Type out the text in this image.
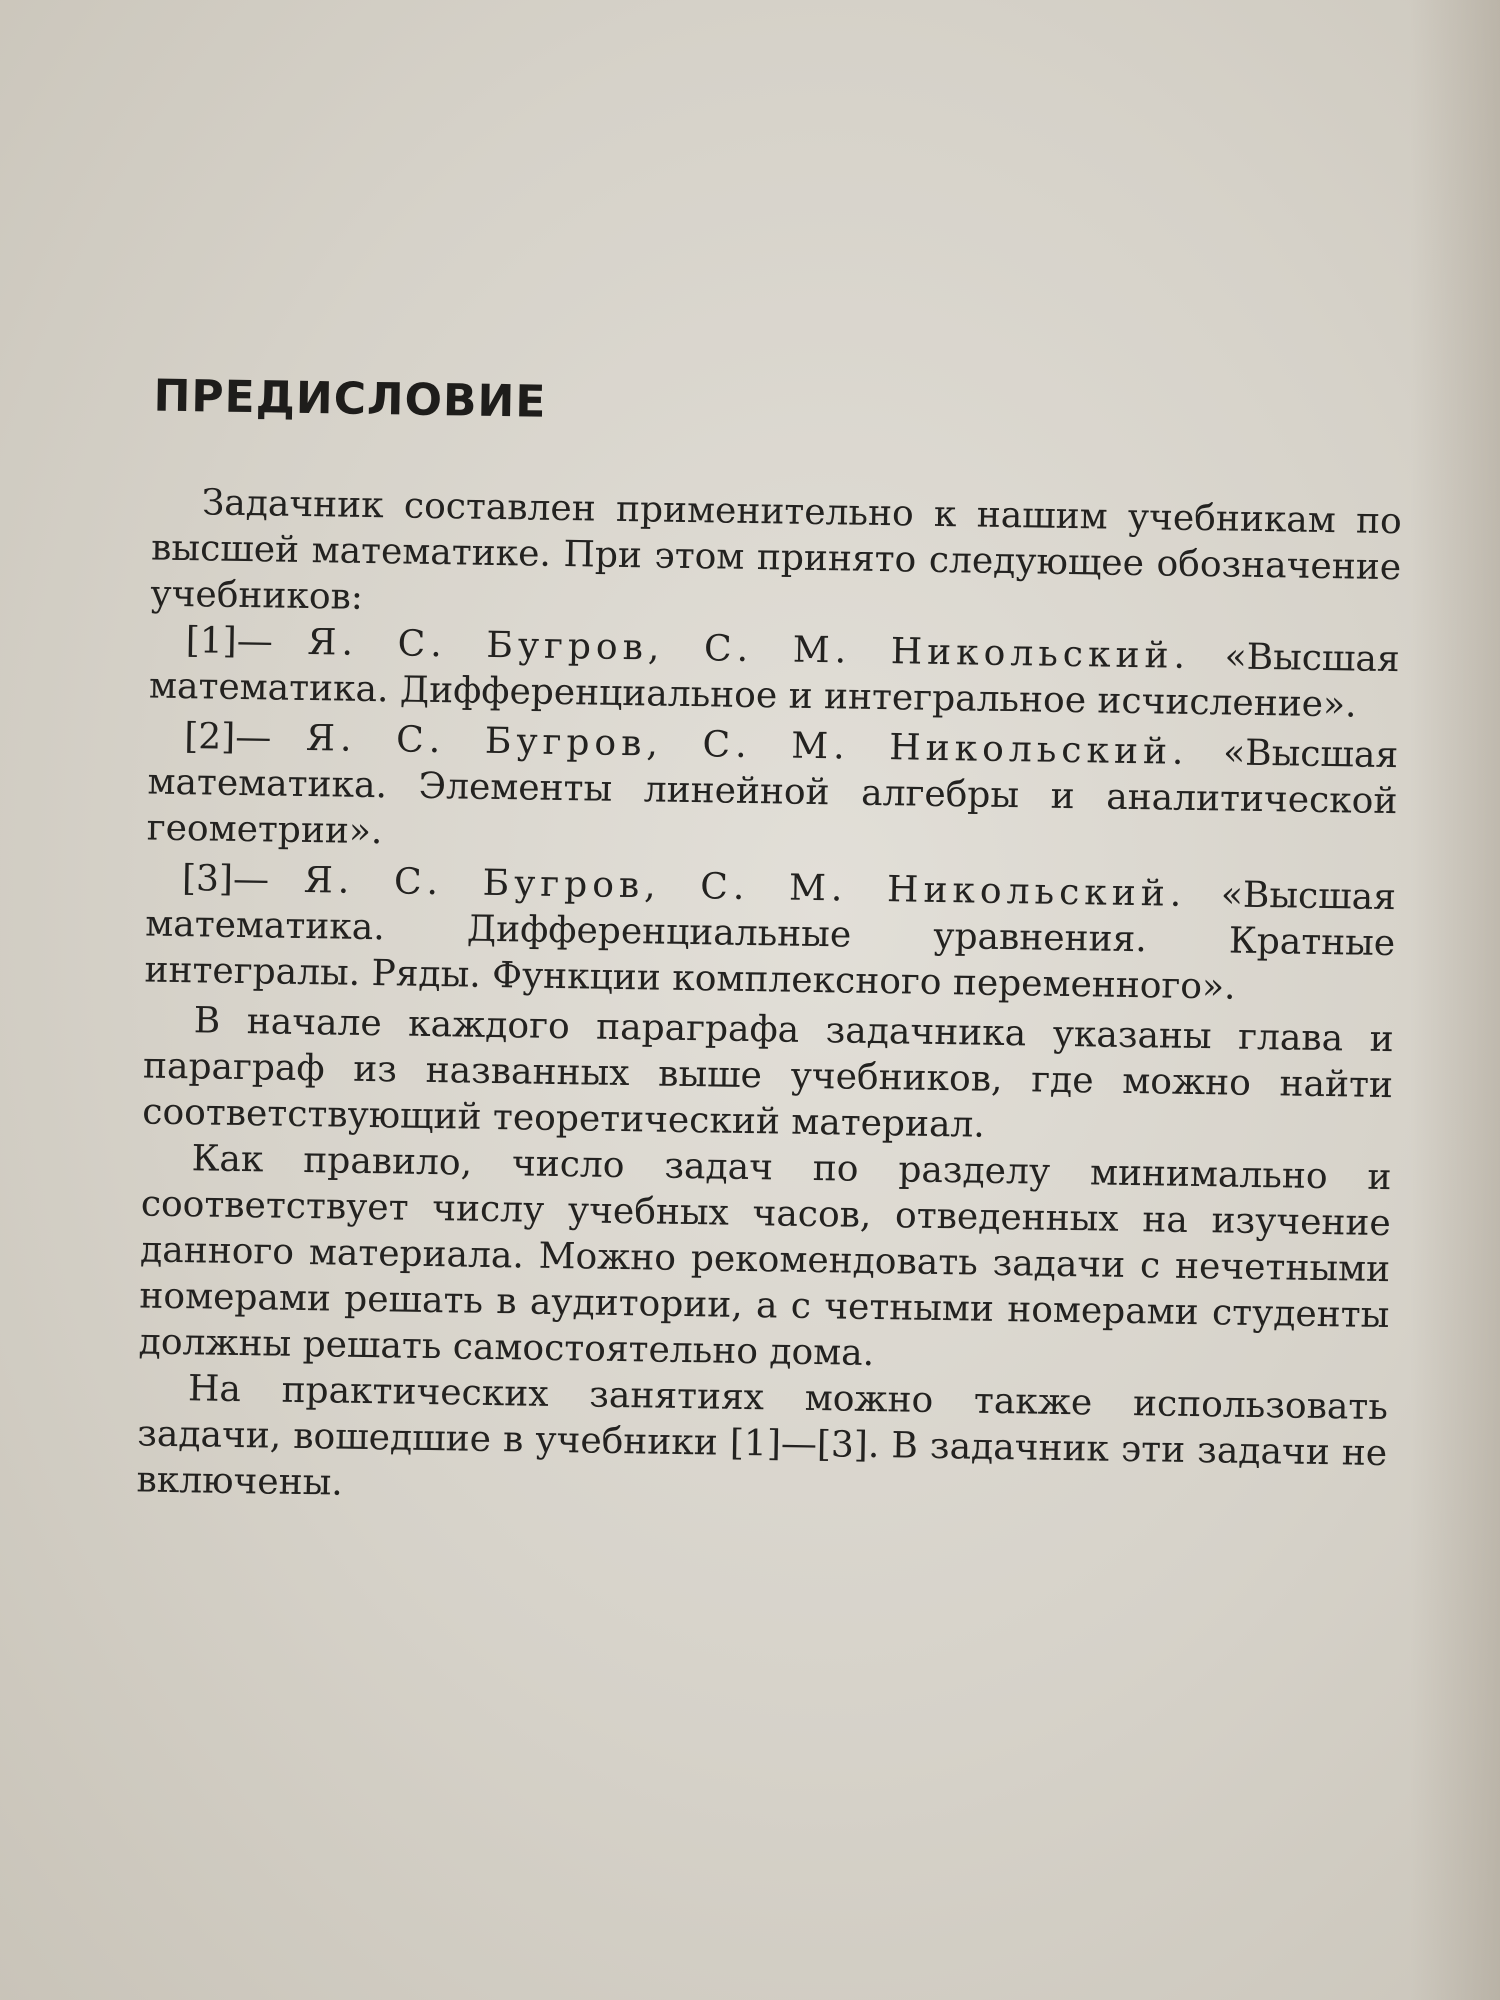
ПРЕДИСЛОВИЕ

Задачник составлен применительно к нашим учебникам по высшей математике. При этом принято следующее обозначение учебников:

[1]— Я. С. Бугров, С. М. Никольский. «Высшая математика. Дифференциальное и интегральное исчисление».

[2]— Я. С. Бугров, С. М. Никольский. «Высшая математика. Элементы линейной алгебры и аналитической геометрии».

[3]— Я. С. Бугров, С. М. Никольский. «Высшая математика. Дифференциальные уравнения. Кратные интегралы. Ряды. Функции комплексного переменного».

В начале каждого параграфа задачника указаны глава и параграф из названных выше учебников, где можно найти соответствующий теоретический материал.

Как правило, число задач по разделу минимально и соответствует числу учебных часов, отведенных на изучение данного материала. Можно рекомендовать задачи с нечетными номерами решать в аудитории, а с четными номерами студенты должны решать самостоятельно дома.

На практических занятиях можно также использовать задачи, вошедшие в учебники [1]—[3]. В задачник эти задачи не включены.
